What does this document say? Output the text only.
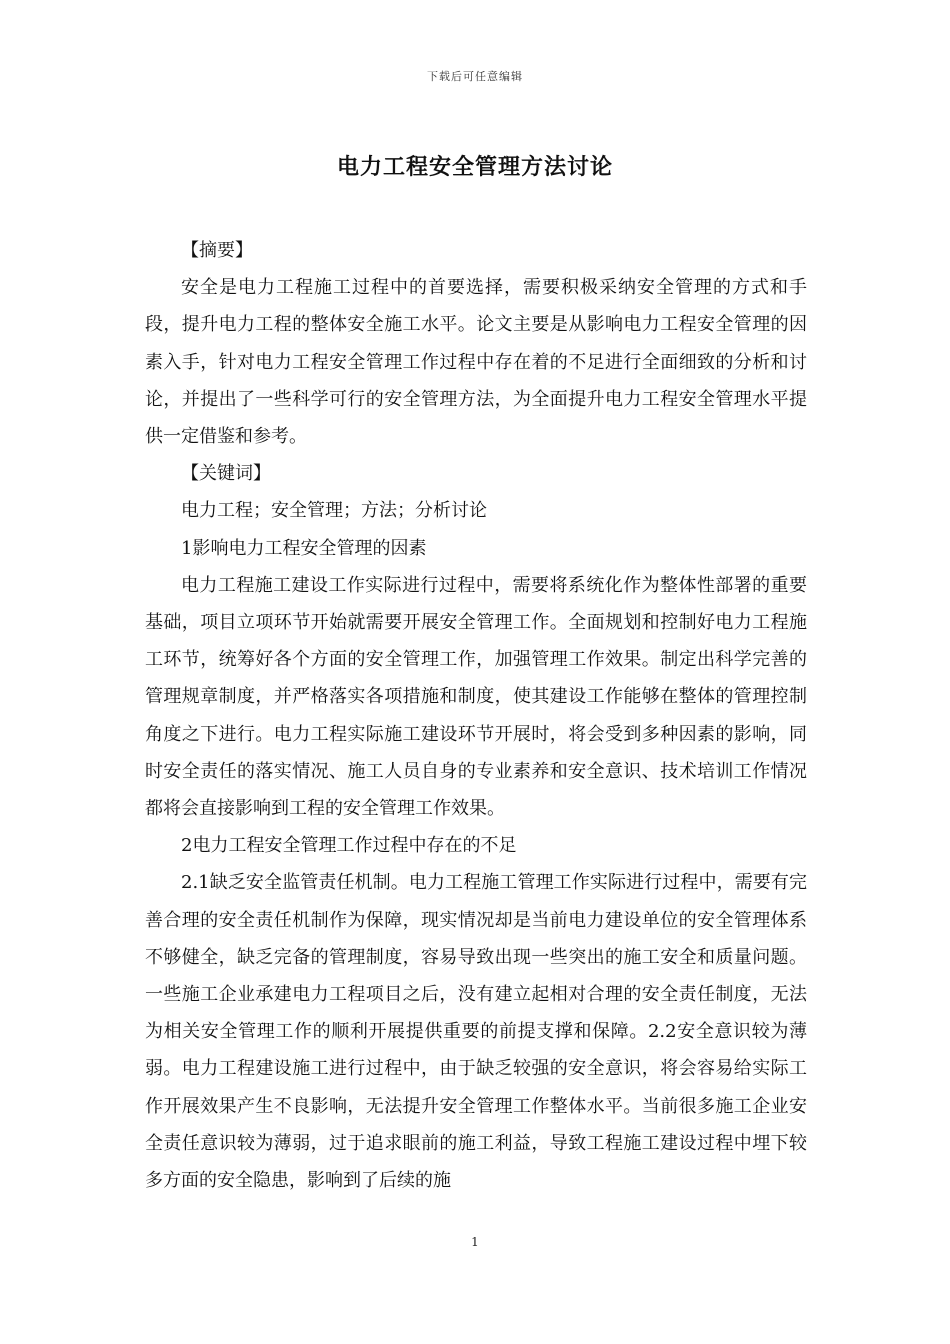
下载后可任意编辑
电力工程安全管理方法讨论

【摘要】

安全是电力工程施工过程中的首要选择，需要积极采纳安全管理的方式和手段，提升电力工程的整体安全施工水平。论文主要是从影响电力工程安全管理的因素入手，针对电力工程安全管理工作过程中存在着的不足进行全面细致的分析和讨论，并提出了一些科学可行的安全管理方法，为全面提升电力工程安全管理水平提供一定借鉴和参考。

【关键词】

电力工程；安全管理；方法；分析讨论

1影响电力工程安全管理的因素

电力工程施工建设工作实际进行过程中，需要将系统化作为整体性部署的重要基础，项目立项环节开始就需要开展安全管理工作。全面规划和控制好电力工程施工环节，统筹好各个方面的安全管理工作，加强管理工作效果。制定出科学完善的管理规章制度，并严格落实各项措施和制度，使其建设工作能够在整体的管理控制角度之下进行。电力工程实际施工建设环节开展时，将会受到多种因素的影响，同时安全责任的落实情况、施工人员自身的专业素养和安全意识、技术培训工作情况都将会直接影响到工程的安全管理工作效果。

2电力工程安全管理工作过程中存在的不足

2.1缺乏安全监管责任机制。电力工程施工管理工作实际进行过程中，需要有完善合理的安全责任机制作为保障，现实情况却是当前电力建设单位的安全管理体系不够健全，缺乏完备的管理制度，容易导致出现一些突出的施工安全和质量问题。一些施工企业承建电力工程项目之后，没有建立起相对合理的安全责任制度，无法为相关安全管理工作的顺利开展提供重要的前提支撑和保障。2.2安全意识较为薄弱。电力工程建设施工进行过程中，由于缺乏较强的安全意识，将会容易给实际工作开展效果产生不良影响，无法提升安全管理工作整体水平。当前很多施工企业安全责任意识较为薄弱，过于追求眼前的施工利益，导致工程施工建设过程中埋下较多方面的安全隐患，影响到了后续的施

1
